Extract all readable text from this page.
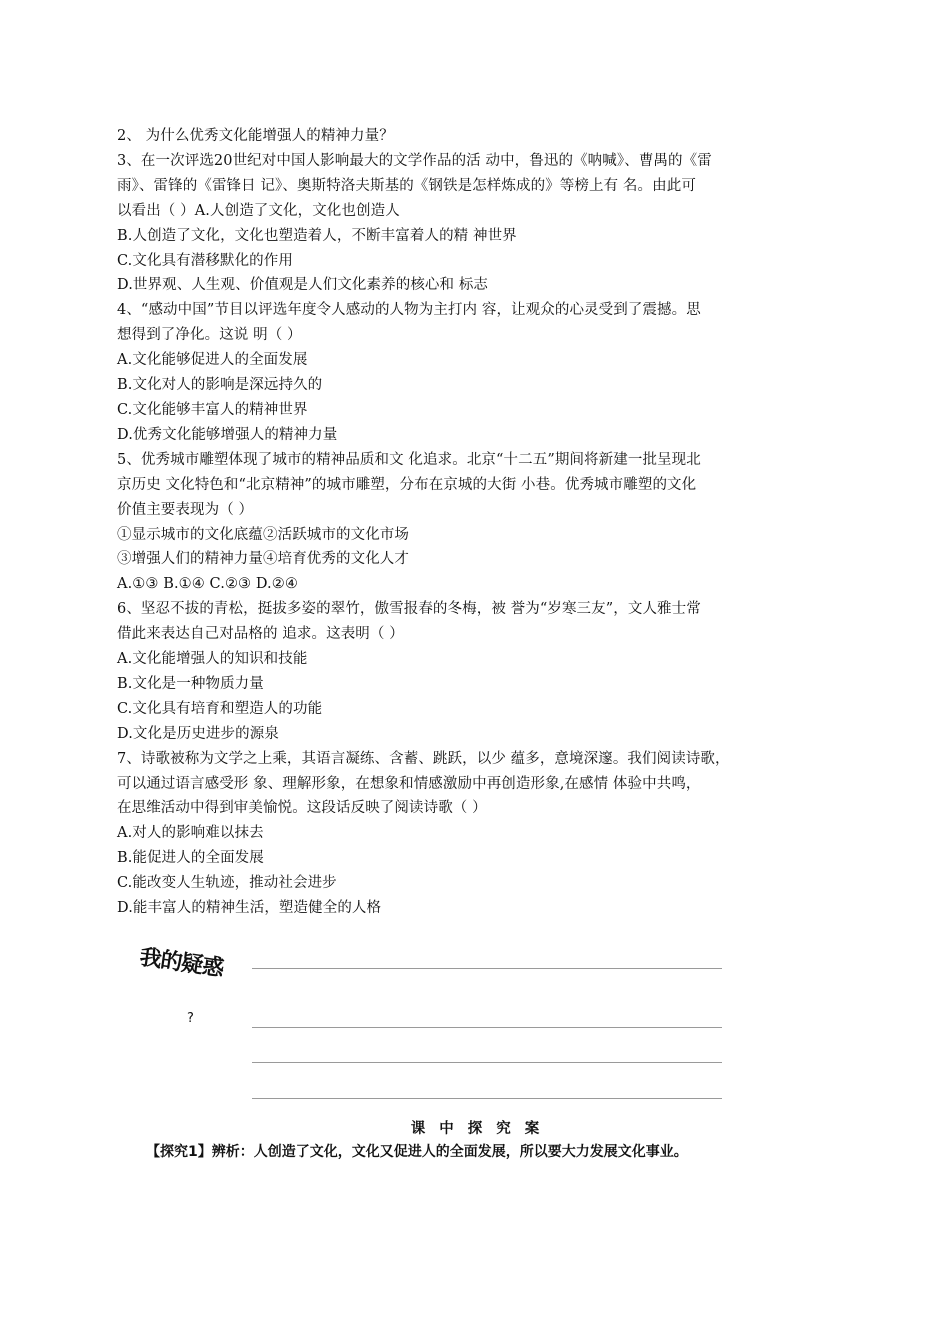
2、 为什么优秀文化能增强人的精神力量？
3、在一次评选20世纪对中国人影响最大的文学作品的活 动中，鲁迅的《呐喊》、曹禺的《雷
雨》、雷锋的《雷锋日 记》、奥斯特洛夫斯基的《钢铁是怎样炼成的》等榜上有 名。由此可
以看出（ ）A.人创造了文化，文化也创造人
B.人创造了文化，文化也塑造着人，不断丰富着人的精 神世界
C.文化具有潜移默化的作用
D.世界观、人生观、价值观是人们文化素养的核心和 标志
4、“感动中国”节目以评选年度令人感动的人物为主打内 容，让观众的心灵受到了震撼。思
想得到了净化。这说 明（ ）
A.文化能够促进人的全面发展
B.文化对人的影响是深远持久的
C.文化能够丰富人的精神世界
D.优秀文化能够增强人的精神力量
5、优秀城市雕塑体现了城市的精神品质和文 化追求。北京“十二五”期间将新建一批呈现北
京历史 文化特色和“北京精神”的城市雕塑，分布在京城的大街 小巷。优秀城市雕塑的文化
价值主要表现为（ ）
①显示城市的文化底蕴②活跃城市的文化市场
③增强人们的精神力量④培育优秀的文化人才
A.①③ B.①④ C.②③ D.②④
6、坚忍不拔的青松，挺拔多姿的翠竹，傲雪报春的冬梅，被 誉为“岁寒三友”，文人雅士常
借此来表达自己对品格的 追求。这表明（ ）
A.文化能增强人的知识和技能
B.文化是一种物质力量
C.文化具有培育和塑造人的功能
D.文化是历史进步的源泉
7、诗歌被称为文学之上乘，其语言凝练、含蓄、跳跃，以少 蕴多，意境深邃。我们阅读诗歌，
可以通过语言感受形 象、理解形象，在想象和情感激励中再创造形象,在感情 体验中共鸣，
在思维活动中得到审美愉悦。这段话反映了阅读诗歌（ ）
A.对人的影响难以抹去
B.能促进人的全面发展
C.能改变人生轨迹，推动社会进步
D.能丰富人的精神生活，塑造健全的人格
我的疑惑
?
课中探究案
【探究1】辨析：人创造了文化，文化又促进人的全面发展，所以要大力发展文化事业。
